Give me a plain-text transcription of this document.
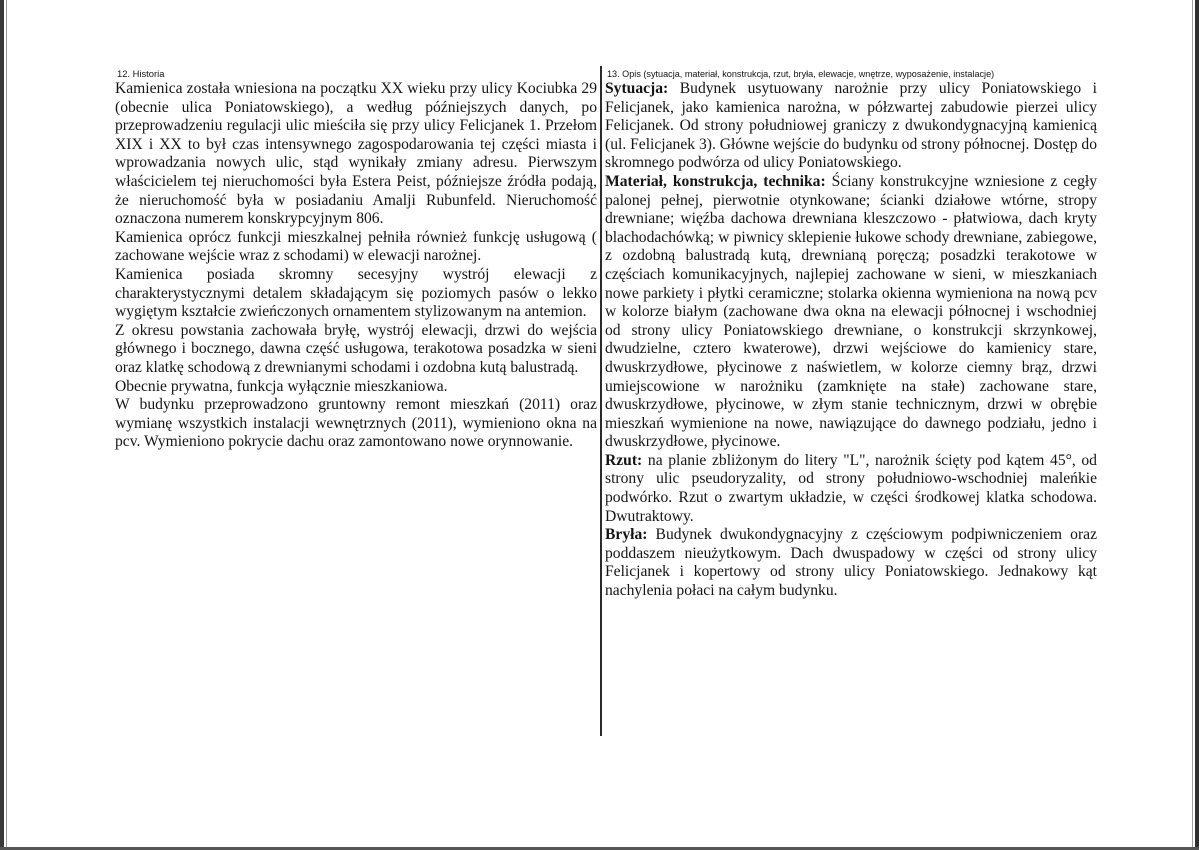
12. Historia

Kamienica została wniesiona na początku XX wieku przy ulicy Kociubka 29 (obecnie ulica Poniatowskiego), a według późniejszych danych, po przeprowadzeniu regulacji ulic mieściła się przy ulicy Felicjanek 1. Przełom XIX i XX to był czas intensywnego zagospodarowania tej części miasta i wprowadzania nowych ulic, stąd wynikały zmiany adresu. Pierwszym właścicielem tej nieruchomości była Estera Peist, późniejsze źródła podają, że nieruchomość była w posiadaniu Amalji Rubunfeld. Nieruchomość oznaczona numerem konskrypcyjnym 806.

Kamienica oprócz funkcji mieszkalnej pełniła również funkcję usługową ( zachowane wejście wraz z schodami) w elewacji narożnej.

Kamienica posiada skromny secesyjny wystrój elewacji z charakterystycznymi detalem składającym się poziomych pasów o lekko wygiętym kształcie zwieńczonych ornamentem stylizowanym na antemion.

Z okresu powstania zachowała bryłę, wystrój elewacji, drzwi do wejścia głównego i bocznego, dawna część usługowa, terakotowa posadzka w sieni oraz klatkę schodową z drewnianymi schodami i ozdobna kutą balustradą.

Obecnie prywatna, funkcja wyłącznie mieszkaniowa.

W budynku przeprowadzono gruntowny remont mieszkań (2011) oraz wymianę wszystkich instalacji wewnętrznych (2011), wymieniono okna na pcv. Wymieniono pokrycie dachu oraz zamontowano nowe orynnowanie.

13. Opis (sytuacja, materiał, konstrukcja, rzut, bryła, elewacje, wnętrze, wyposażenie, instalacje)

Sytuacja: Budynek usytuowany narożnie przy ulicy Poniatowskiego i Felicjanek, jako kamienica narożna, w półzwartej zabudowie pierzei ulicy Felicjanek. Od strony południowej graniczy z dwukondygnacyjną kamienicą (ul. Felicjanek 3). Główne wejście do budynku od strony północnej. Dostęp do skromnego podwórza od ulicy Poniatowskiego.

Materiał, konstrukcja, technika: Ściany konstrukcyjne wzniesione z cegły palonej pełnej, pierwotnie otynkowane; ścianki działowe wtórne, stropy drewniane; więźba dachowa drewniana kleszczowo - płatwiowa, dach kryty blachodachówką; w piwnicy sklepienie łukowe schody drewniane, zabiegowe, z ozdobną balustradą kutą, drewnianą poręczą; posadzki terakotowe w częściach komunikacyjnych, najlepiej zachowane w sieni, w mieszkaniach nowe parkiety i płytki ceramiczne; stolarka okienna wymieniona na nową pcv w kolorze białym (zachowane dwa okna na elewacji północnej i wschodniej od strony ulicy Poniatowskiego drewniane, o konstrukcji skrzynkowej, dwudzielne, cztero kwaterowe), drzwi wejściowe do kamienicy stare, dwuskrzydłowe, płycinowe z naświetlem, w kolorze ciemny brąz, drzwi umiejscowione w narożniku (zamknięte na stałe) zachowane stare, dwuskrzydłowe, płycinowe, w złym stanie technicznym, drzwi w obrębie mieszkań wymienione na nowe, nawiązujące do dawnego podziału, jedno i dwuskrzydłowe, płycinowe.

Rzut: na planie zbliżonym do litery "L", narożnik ścięty pod kątem 45°, od strony ulic pseudoryzality, od strony południowo-wschodniej maleńkie podwórko. Rzut o zwartym układzie, w części środkowej klatka schodowa. Dwutraktowy.

Bryła: Budynek dwukondygnacyjny z częściowym podpiwniczeniem oraz poddaszem nieużytkowym. Dach dwuspadowy w części od strony ulicy Felicjanek i kopertowy od strony ulicy Poniatowskiego. Jednakowy kąt nachylenia połaci na całym budynku.
